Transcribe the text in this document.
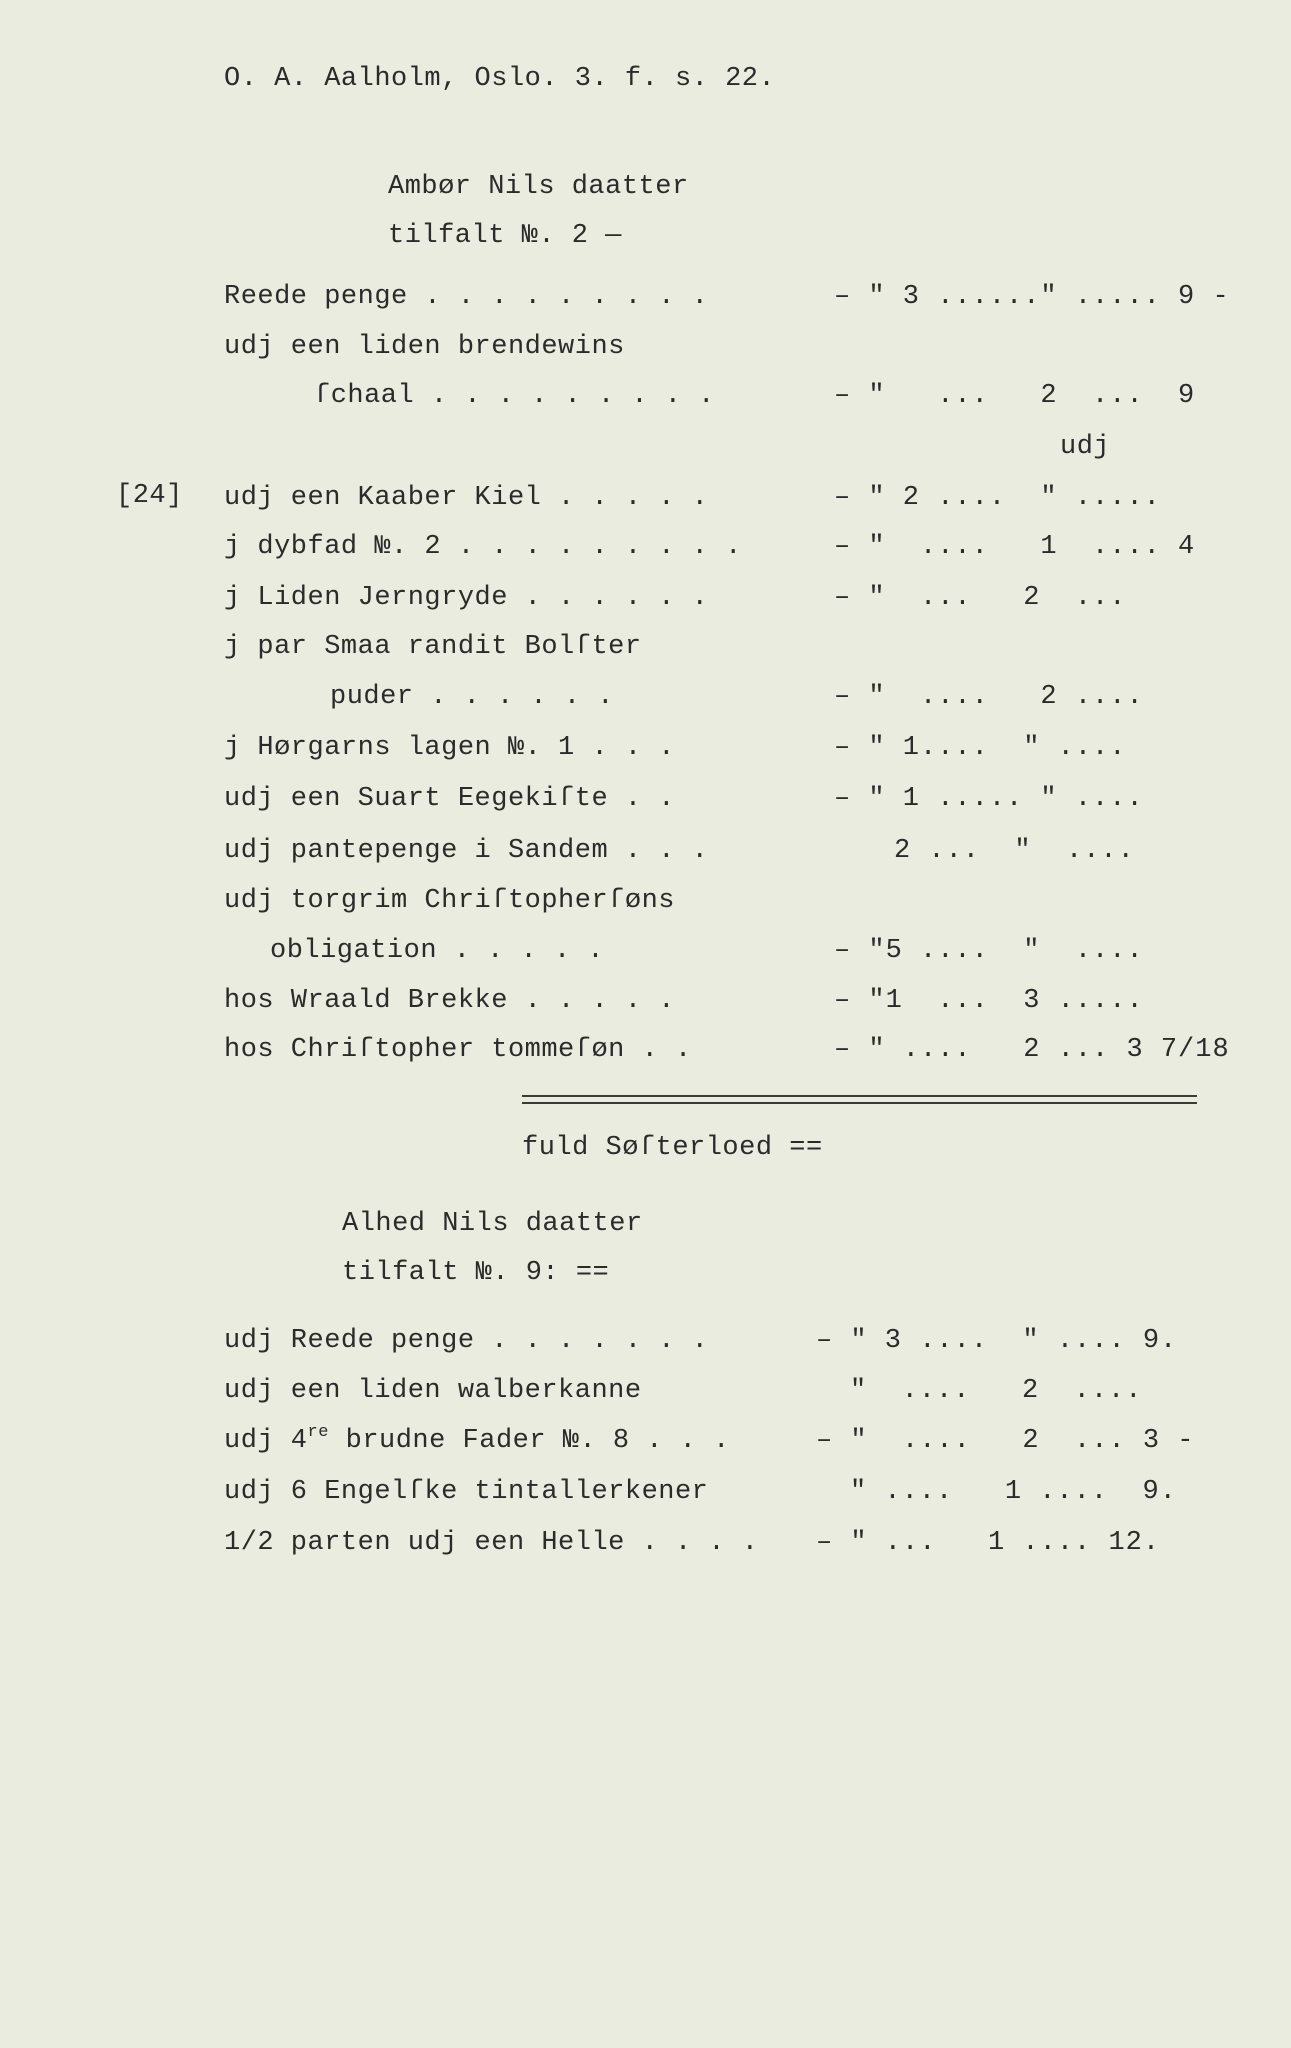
O. A. Aalholm, Oslo. 3. f. s. 22.
Ambør Nils daatter
tilfalt №. 2 —
Reede penge . . . . . . . . .	– ″ 3 ......″ ..... 9 -
udj een liden brendewins
ſchaal . . . . . . . . .	– ″   ...   2  ...  9
udj
[24] udj een Kaaber Kiel . . . . .	– ″ 2 ....  ″ .....
j dybfad №. 2 . . . . . . . . .	– ″  ....   1  .... 4
j Liden Jerngryde . . . . . .	– ″  ...   2  ...
j par Smaa randit Bolſter
puder . . . . . .	– ″  ....   2 ....
j Hørgarns lagen №. 1 . . .	– ″ 1....  ″ ....
udj een Suart Eegekiſte . .	– ″ 1 ..... ″ ....
udj pantepenge i Sandem . . .	2 ...  ″  ....
udj torgrim Chriſtopherſøns
obligation . . . . .	– ″5 ....  ″  ....
hos Wraald Brekke . . . . .	– ″1  ...  3 .....
hos Chriſtopher tommeſøn . .	– ″ ....   2 ... 3 7/18
fuld Søſterloed ==
Alhed Nils daatter
tilfalt №. 9: ==
udj Reede penge . . . . . . .	– ″ 3 ....  ″ .... 9.
udj een liden walberkanne	″  ....   2  ....
udj 4re brudne Fader №. 8 . . .	– ″  ....   2  ... 3 -
udj 6 Engelſke tintallerkener	″ ....   1 ....  9.
1/2 parten udj een Helle . . . . – ″ ...   1 .... 12.
